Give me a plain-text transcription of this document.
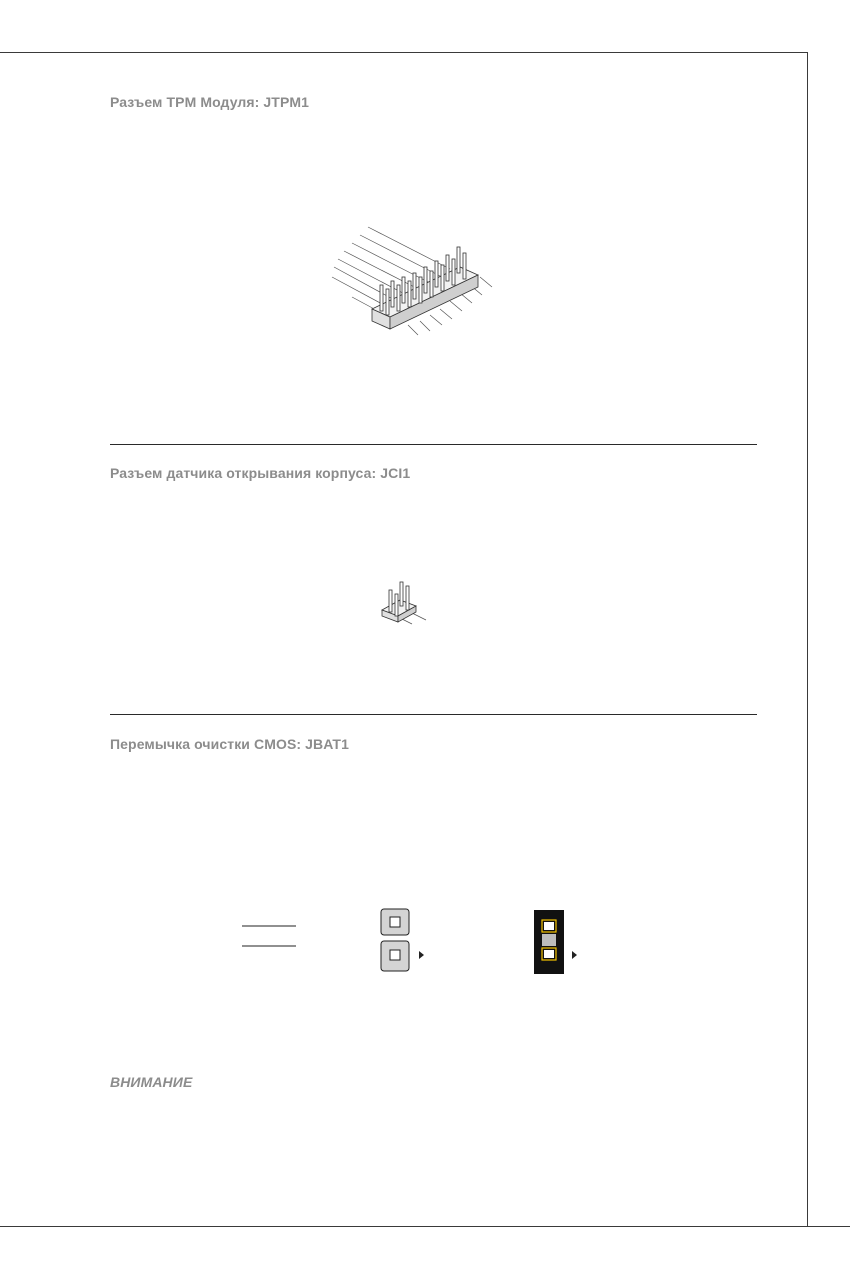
Разъем TPM Модуля: JTPM1
Разъем датчика открывания корпуса: JCI1
Перемычка очистки CMOS: JBAT1
ВНИМАНИЕ
